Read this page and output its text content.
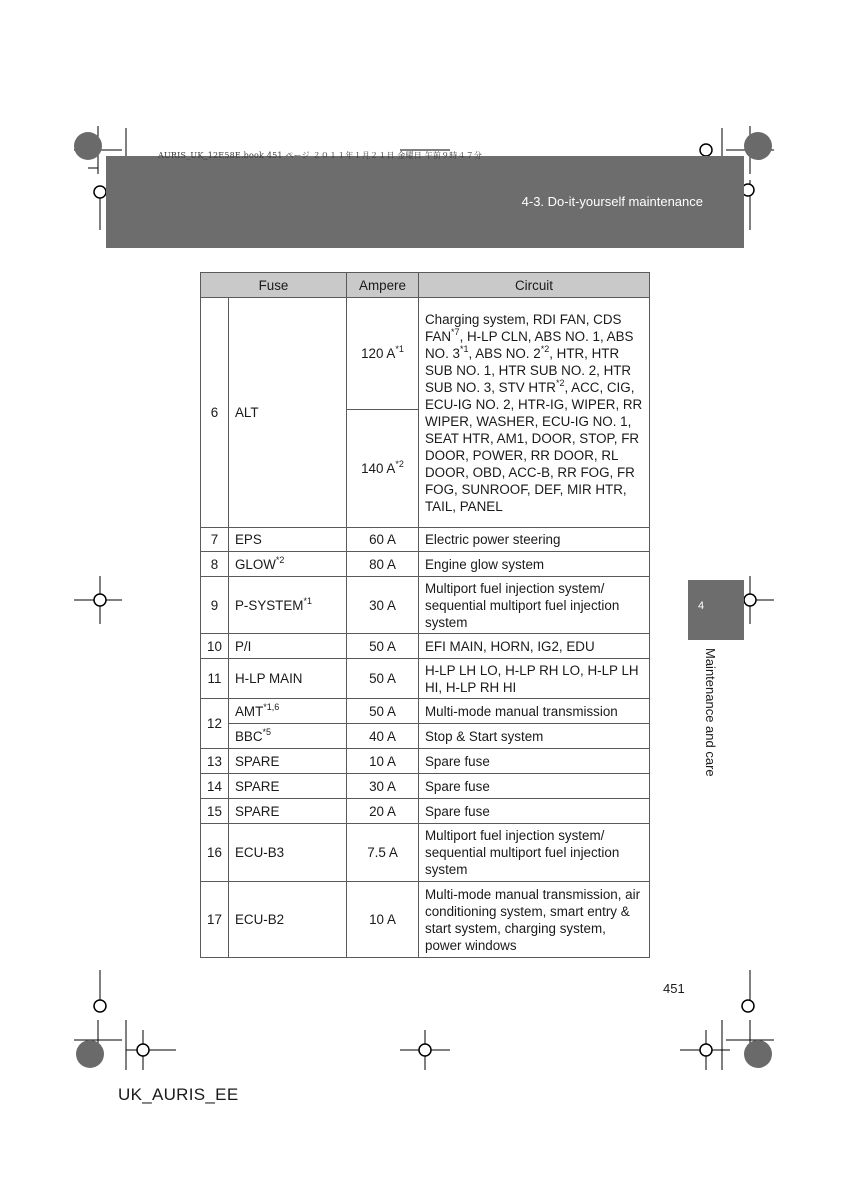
AURIS_UK_12E58E.book 451 ページ ２０１１年１月２１日 金曜日 午前９時４７分
4-3. Do-it-yourself maintenance
4
Maintenance and care
Fuse		Ampere	Circuit
6	ALT	120 $A^{*1}$	Charging system, RDI FAN, CDS FAN$^{*7}$, H-LP CLN, ABS NO. 1, ABS NO. 3$^{*1}$, ABS NO. 2$^{*2}$, HTR, HTR SUB NO. 1, HTR SUB NO. 2, HTR SUB NO. 3, STV HTR$^{*2}$, ACC, CIG, ECU-IG NO. 2, HTR-IG, WIPER, RR WIPER, WASHER, ECU-IG NO. 1, SEAT HTR, AM1, DOOR, STOP, FR DOOR, POWER, RR DOOR, RL DOOR, OBD, ACC-B, RR FOG, FR FOG, SUNROOF, DEF, MIR HTR, TAIL, PANEL
		140 $A^{*2}$
7	EPS	60 A	Electric power steering
8	GLOW$^{*2}$	80 A	Engine glow system
9	P-SYSTEM$^{*1}$	30 A	Multiport fuel injection system/ sequential multiport fuel injection system
10	P/I	50 A	EFI MAIN, HORN, IG2, EDU
11	H-LP MAIN	50 A	H-LP LH LO, H-LP RH LO, H-LP LH HI, H-LP RH HI
12	AMT$^{*1,6}$	50 A	Multi-mode manual transmission
	BBC$^{*5}$	40 A	Stop & Start system
13	SPARE	10 A	Spare fuse
14	SPARE	30 A	Spare fuse
15	SPARE	20 A	Spare fuse
16	ECU-B3	7.5 A	Multiport fuel injection system/ sequential multiport fuel injection system
17	ECU-B2	10 A	Multi-mode manual transmission, air conditioning system, smart entry & start system, charging system, power windows
451
UK_AURIS_EE
